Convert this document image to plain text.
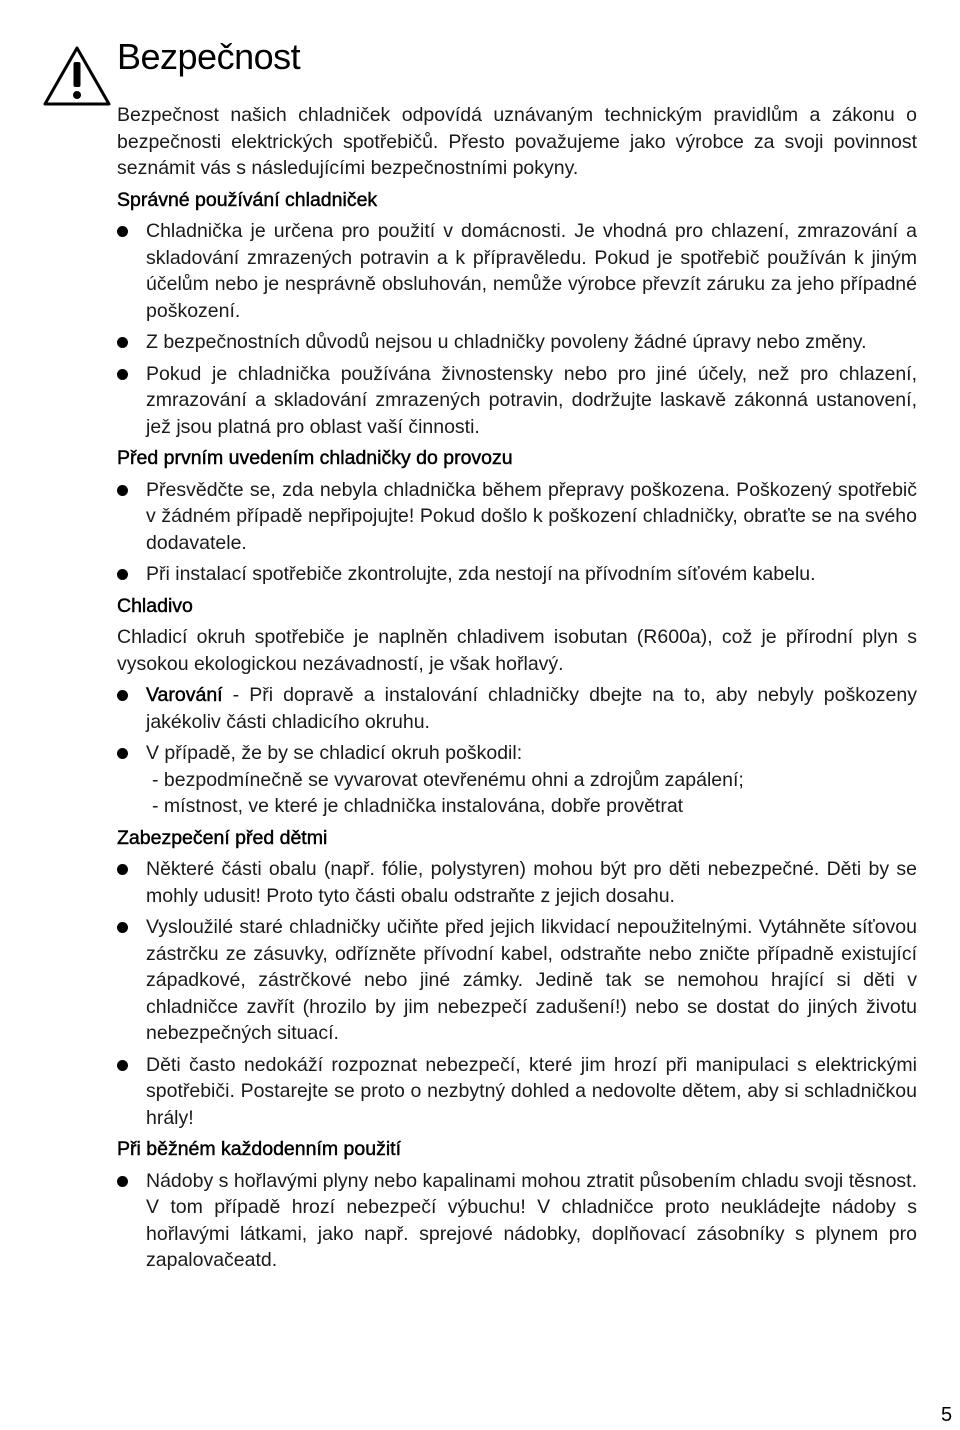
Bezpečnost

Bezpečnost našich chladniček odpovídá uznávaným technickým pravidlům a zákonu o bezpečnosti elektrických spotřebičů. Přesto považujeme jako výrobce za svoji povinnost seznámit vás s následujícími bezpečnostními pokyny.

Správné používání chladniček
Chladnička je určena pro použití v domácnosti. Je vhodná pro chlazení, zmrazování a skladování zmrazených potravin a k přípravěledu. Pokud je spotřebič používán k jiným účelům nebo je nesprávně obsluhován, nemůže výrobce převzít záruku za jeho případné poškození.
Z bezpečnostních důvodů nejsou u chladničky povoleny žádné úpravy nebo změny.
Pokud je chladnička používána živnostensky nebo pro jiné účely, než pro chlazení, zmrazování a skladování zmrazených potravin, dodržujte laskavě zákonná ustanovení, jež jsou platná pro oblast vaší činnosti.
Před prvním uvedením chladničky do provozu
Přesvědčte se, zda nebyla chladnička během přepravy poškozena. Poškozený spotřebič v žádném případě nepřipojujte! Pokud došlo k poškození chladničky, obraťte se na svého dodavatele.
Při instalací spotřebiče zkontrolujte, zda nestojí na přívodním síťovém kabelu.
Chladivo

Chladicí okruh spotřebiče je naplněn chladivem isobutan (R600a), což je přírodní plyn s vysokou ekologickou nezávadností, je však hořlavý.

Varování - Při dopravě a instalování chladničky dbejte na to, aby nebyly poškozeny jakékoliv části chladicího okruhu.
V případě, že by se chladicí okruh poškodil:
- bezpodmínečně se vyvarovat otevřenému ohni a zdrojům zapálení;
- místnost, ve které je chladnička instalována, dobře provětrat
Zabezpečení před dětmi
Některé části obalu (např. fólie, polystyren) mohou být pro děti nebezpečné. Děti by se mohly udusit! Proto tyto části obalu odstraňte z jejich dosahu.
Vysloužilé staré chladničky učiňte před jejich likvidací nepoužitelnými. Vytáhněte síťovou zástrčku ze zásuvky, odřízněte přívodní kabel, odstraňte nebo zničte případně existující západkové, zástrčkové nebo jiné zámky. Jedině tak se nemohou hrající si děti v chladničce zavřít (hrozilo by jim nebezpečí zadušení!) nebo se dostat do jiných životu nebezpečných situací.
Děti často nedokáží rozpoznat nebezpečí, které jim hrozí při manipulaci s elektrickými spotřebiči. Postarejte se proto o nezbytný dohled a nedovolte dětem, aby si schladničkou hrály!
Při běžném každodenním použití
Nádoby s hořlavými plyny nebo kapalinami mohou ztratit působením chladu svoji těsnost. V tom případě hrozí nebezpečí výbuchu! V chladničce proto neukládejte nádoby s hořlavými látkami, jako např. sprejové nádobky, doplňovací zásobníky s plynem pro zapalovačeatd.
5
